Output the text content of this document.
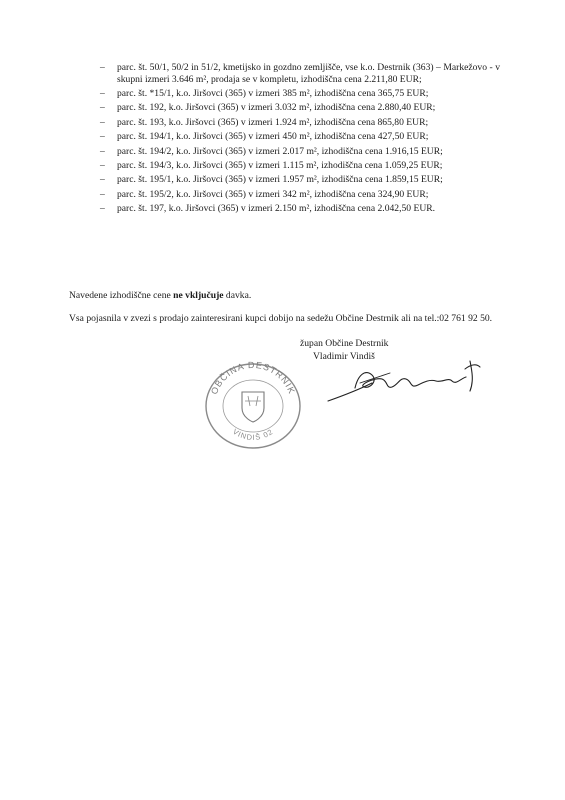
– parc. št. 50/1, 50/2 in 51/2, kmetijsko in gozdno zemljišče, vse k.o. Destrnik (363) – Markežovo - v skupni izmeri 3.646 m², prodaja se v kompletu, izhodiščna cena 2.211,80 EUR;
– parc. št. *15/1, k.o. Jiršovci (365) v izmeri 385 m², izhodiščna cena 365,75 EUR;
– parc. št. 192, k.o. Jiršovci (365) v izmeri 3.032 m², izhodiščna cena 2.880,40 EUR;
– parc. št. 193, k.o. Jiršovci (365) v izmeri 1.924 m², izhodiščna cena 865,80 EUR;
– parc. št. 194/1, k.o. Jiršovci (365) v izmeri 450 m², izhodiščna cena 427,50 EUR;
– parc. št. 194/2, k.o. Jiršovci (365) v izmeri 2.017 m², izhodiščna cena 1.916,15 EUR;
– parc. št. 194/3, k.o. Jiršovci (365) v izmeri 1.115 m², izhodiščna cena 1.059,25 EUR;
– parc. št. 195/1, k.o. Jiršovci (365) v izmeri 1.957 m², izhodiščna cena 1.859,15 EUR;
– parc. št. 195/2, k.o. Jiršovci (365) v izmeri 342 m², izhodiščna cena 324,90 EUR;
– parc. št. 197, k.o. Jiršovci (365) v izmeri 2.150 m², izhodiščna cena 2.042,50 EUR.

Navedene izhodiščne cene ne vključuje davka.

Vsa pojasnila v zvezi s prodajo zainteresirani kupci dobijo na sedežu Občine Destrnik ali na tel.:02 761 92 50.

župan Občine Destrnik
Vladimir Vindiš
OBČINA DESTRNIK
VINDIŠ 02
